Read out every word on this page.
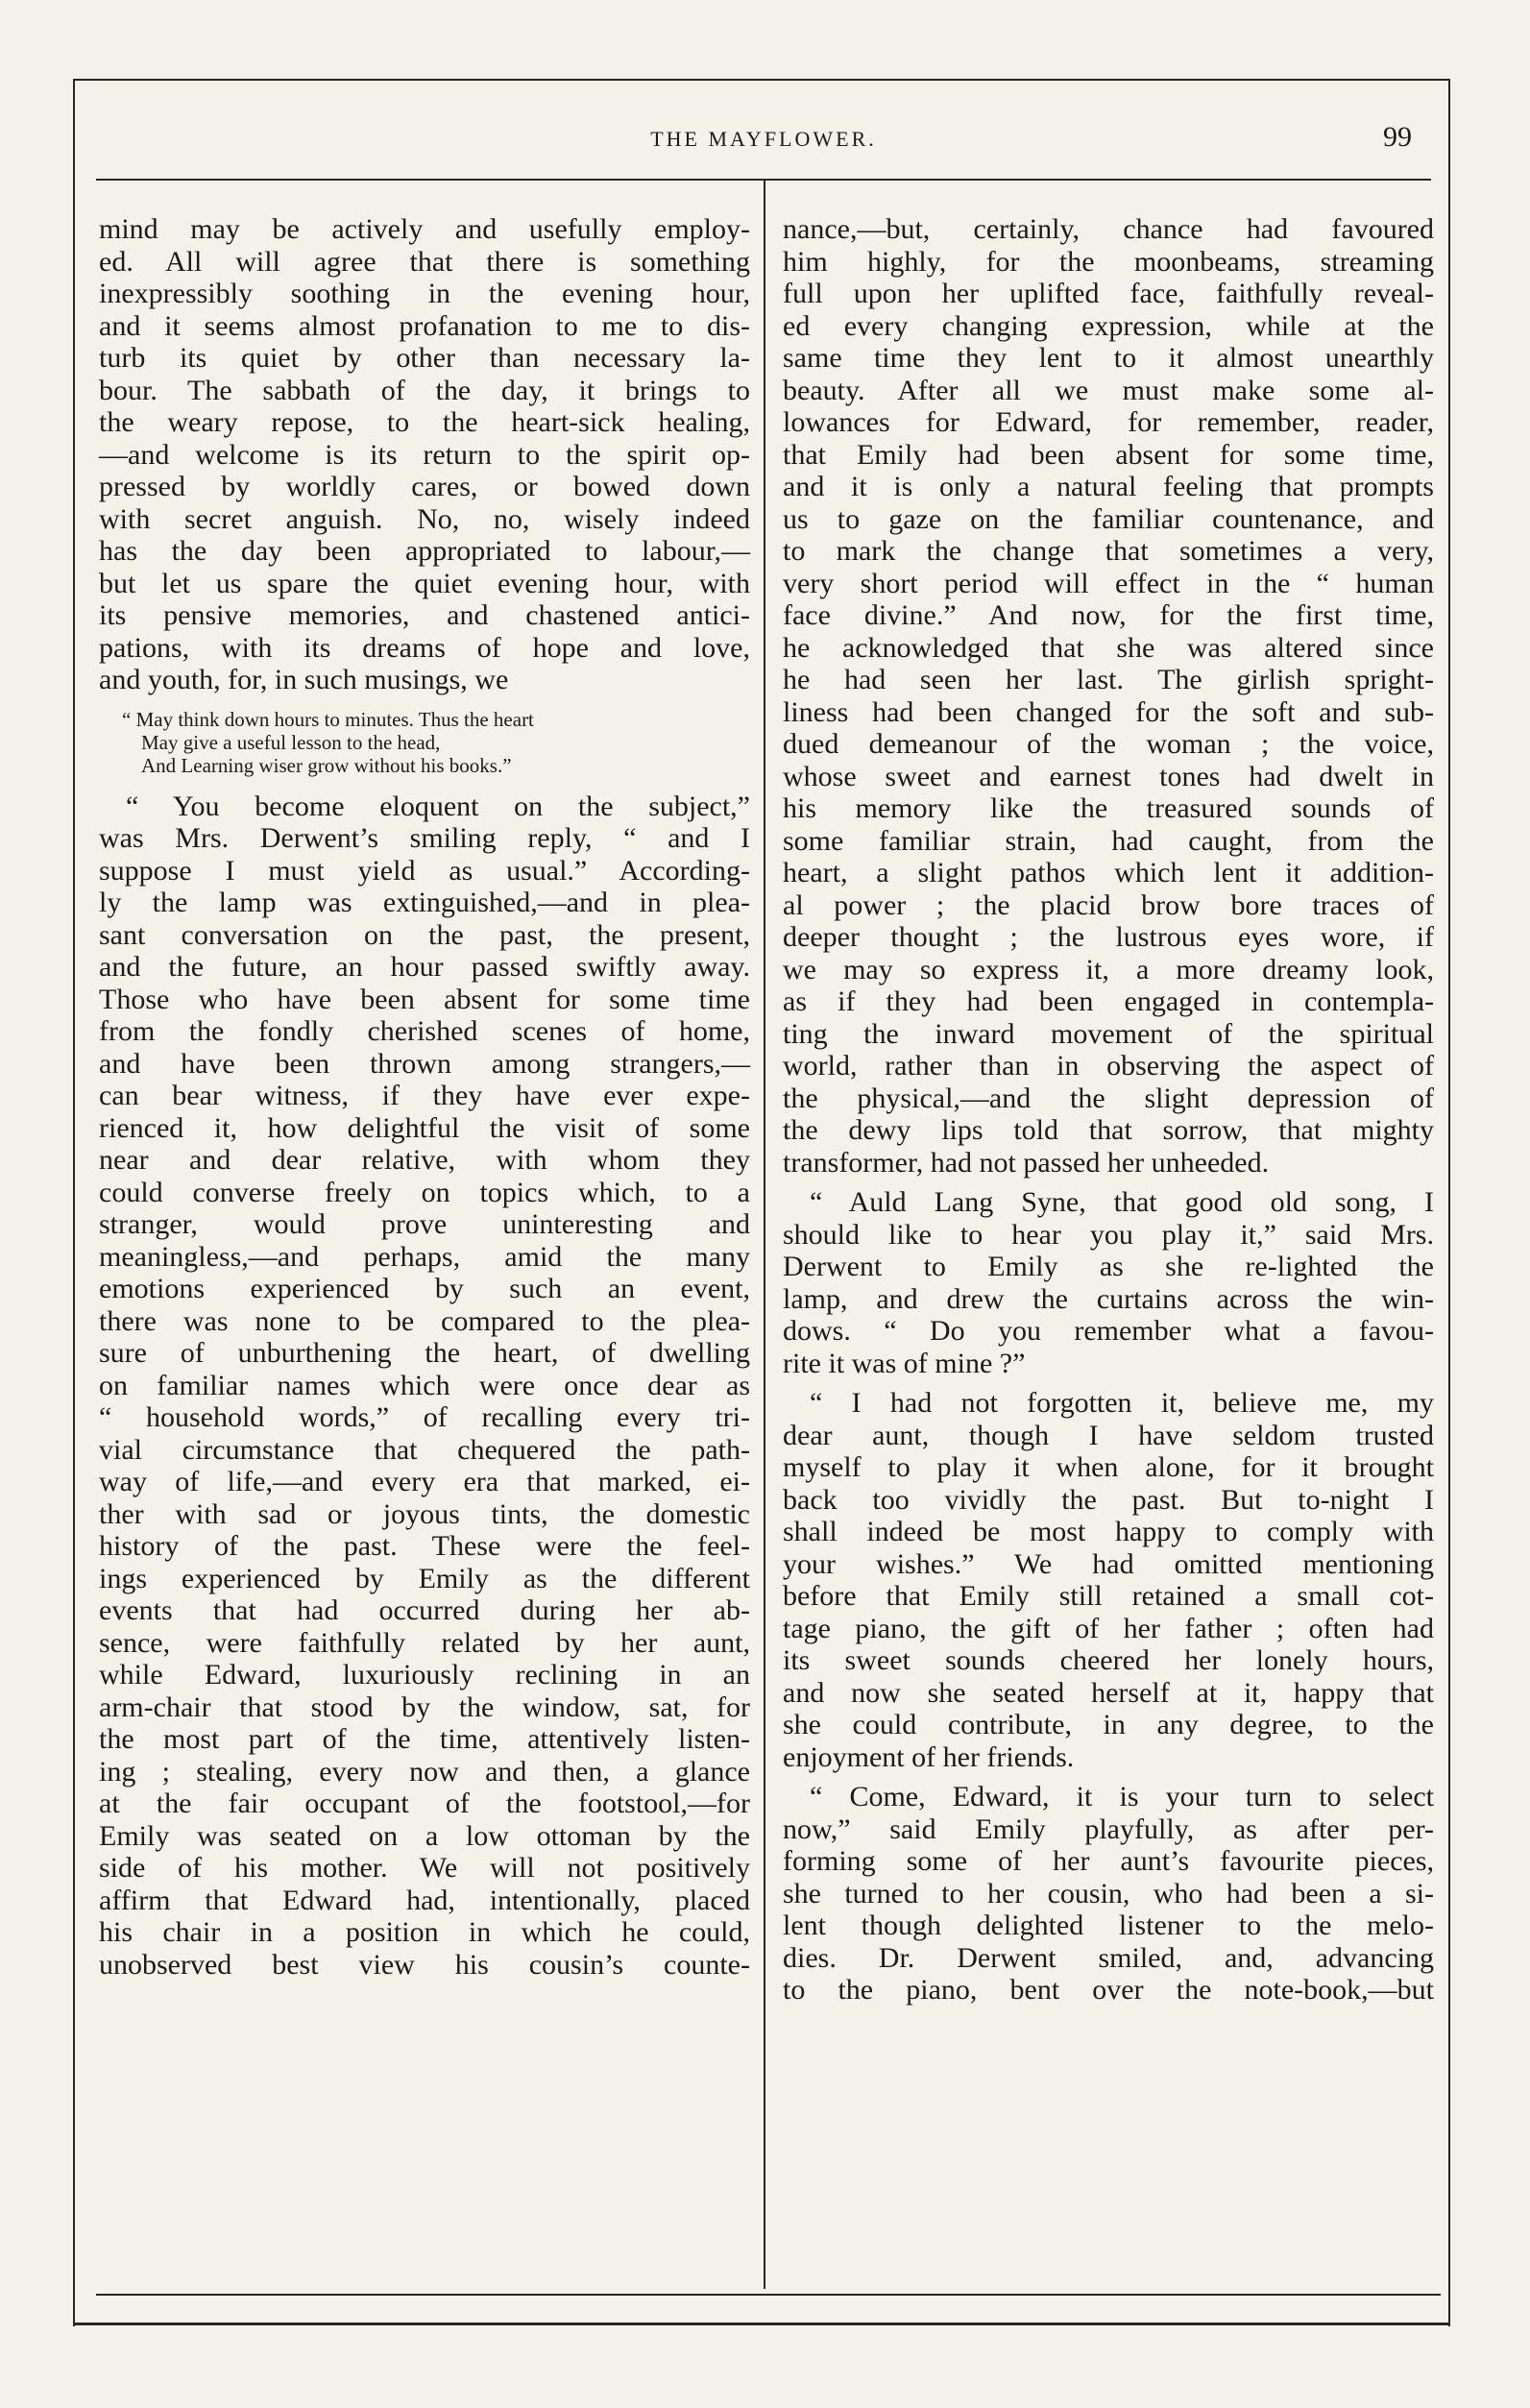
THE MAYFLOWER.	99
mind may be actively and usefully employ-
ed. All will agree that there is something
inexpressibly soothing in the evening hour,
and it seems almost profanation to me to dis-
turb its quiet by other than necessary la-
bour. The sabbath of the day, it brings to
the weary repose, to the heart-sick healing,
—and welcome is its return to the spirit op-
pressed by worldly cares, or bowed down
with secret anguish. No, no, wisely indeed
has the day been appropriated to labour,—
but let us spare the quiet evening hour, with
its pensive memories, and chastened antici-
pations, with its dreams of hope and love,
and youth, for, in such musings, we
“ May think down hours to minutes. Thus the heart
May give a useful lesson to the head,
And Learning wiser grow without his books.”
“ You become eloquent on the subject,”
was Mrs. Derwent’s smiling reply, “ and I
suppose I must yield as usual.” According-
ly the lamp was extinguished,—and in plea-
sant conversation on the past, the present,
and the future, an hour passed swiftly away.
Those who have been absent for some time
from the fondly cherished scenes of home,
and have been thrown among strangers,—
can bear witness, if they have ever expe-
rienced it, how delightful the visit of some
near and dear relative, with whom they
could converse freely on topics which, to a
stranger, would prove uninteresting and
meaningless,—and perhaps, amid the many
emotions experienced by such an event,
there was none to be compared to the plea-
sure of unburthening the heart, of dwelling
on familiar names which were once dear as
“ household words,” of recalling every tri-
vial circumstance that chequered the path-
way of life,—and every era that marked, ei-
ther with sad or joyous tints, the domestic
history of the past. These were the feel-
ings experienced by Emily as the different
events that had occurred during her ab-
sence, were faithfully related by her aunt,
while Edward, luxuriously reclining in an
arm-chair that stood by the window, sat, for
the most part of the time, attentively listen-
ing ; stealing, every now and then, a glance
at the fair occupant of the footstool,—for
Emily was seated on a low ottoman by the
side of his mother. We will not positively
affirm that Edward had, intentionally, placed
his chair in a position in which he could,
unobserved best view his cousin’s counte-
nance,—but, certainly, chance had favoured
him highly, for the moonbeams, streaming
full upon her uplifted face, faithfully reveal-
ed every changing expression, while at the
same time they lent to it almost unearthly
beauty. After all we must make some al-
lowances for Edward, for remember, reader,
that Emily had been absent for some time,
and it is only a natural feeling that prompts
us to gaze on the familiar countenance, and
to mark the change that sometimes a very,
very short period will effect in the “ human
face divine.” And now, for the first time,
he acknowledged that she was altered since
he had seen her last. The girlish spright-
liness had been changed for the soft and sub-
dued demeanour of the woman ; the voice,
whose sweet and earnest tones had dwelt in
his memory like the treasured sounds of
some familiar strain, had caught, from the
heart, a slight pathos which lent it addition-
al power ; the placid brow bore traces of
deeper thought ; the lustrous eyes wore, if
we may so express it, a more dreamy look,
as if they had been engaged in contempla-
ting the inward movement of the spiritual
world, rather than in observing the aspect of
the physical,—and the slight depression of
the dewy lips told that sorrow, that mighty
transformer, had not passed her unheeded.
“ Auld Lang Syne, that good old song, I
should like to hear you play it,” said Mrs.
Derwent to Emily as she re-lighted the
lamp, and drew the curtains across the win-
dows. “ Do you remember what a favou-
rite it was of mine ?”
“ I had not forgotten it, believe me, my
dear aunt, though I have seldom trusted
myself to play it when alone, for it brought
back too vividly the past. But to-night I
shall indeed be most happy to comply with
your wishes.” We had omitted mentioning
before that Emily still retained a small cot-
tage piano, the gift of her father ; often had
its sweet sounds cheered her lonely hours,
and now she seated herself at it, happy that
she could contribute, in any degree, to the
enjoyment of her friends.
“ Come, Edward, it is your turn to select
now,” said Emily playfully, as after per-
forming some of her aunt’s favourite pieces,
she turned to her cousin, who had been a si-
lent though delighted listener to the melo-
dies. Dr. Derwent smiled, and, advancing
to the piano, bent over the note-book,—but
